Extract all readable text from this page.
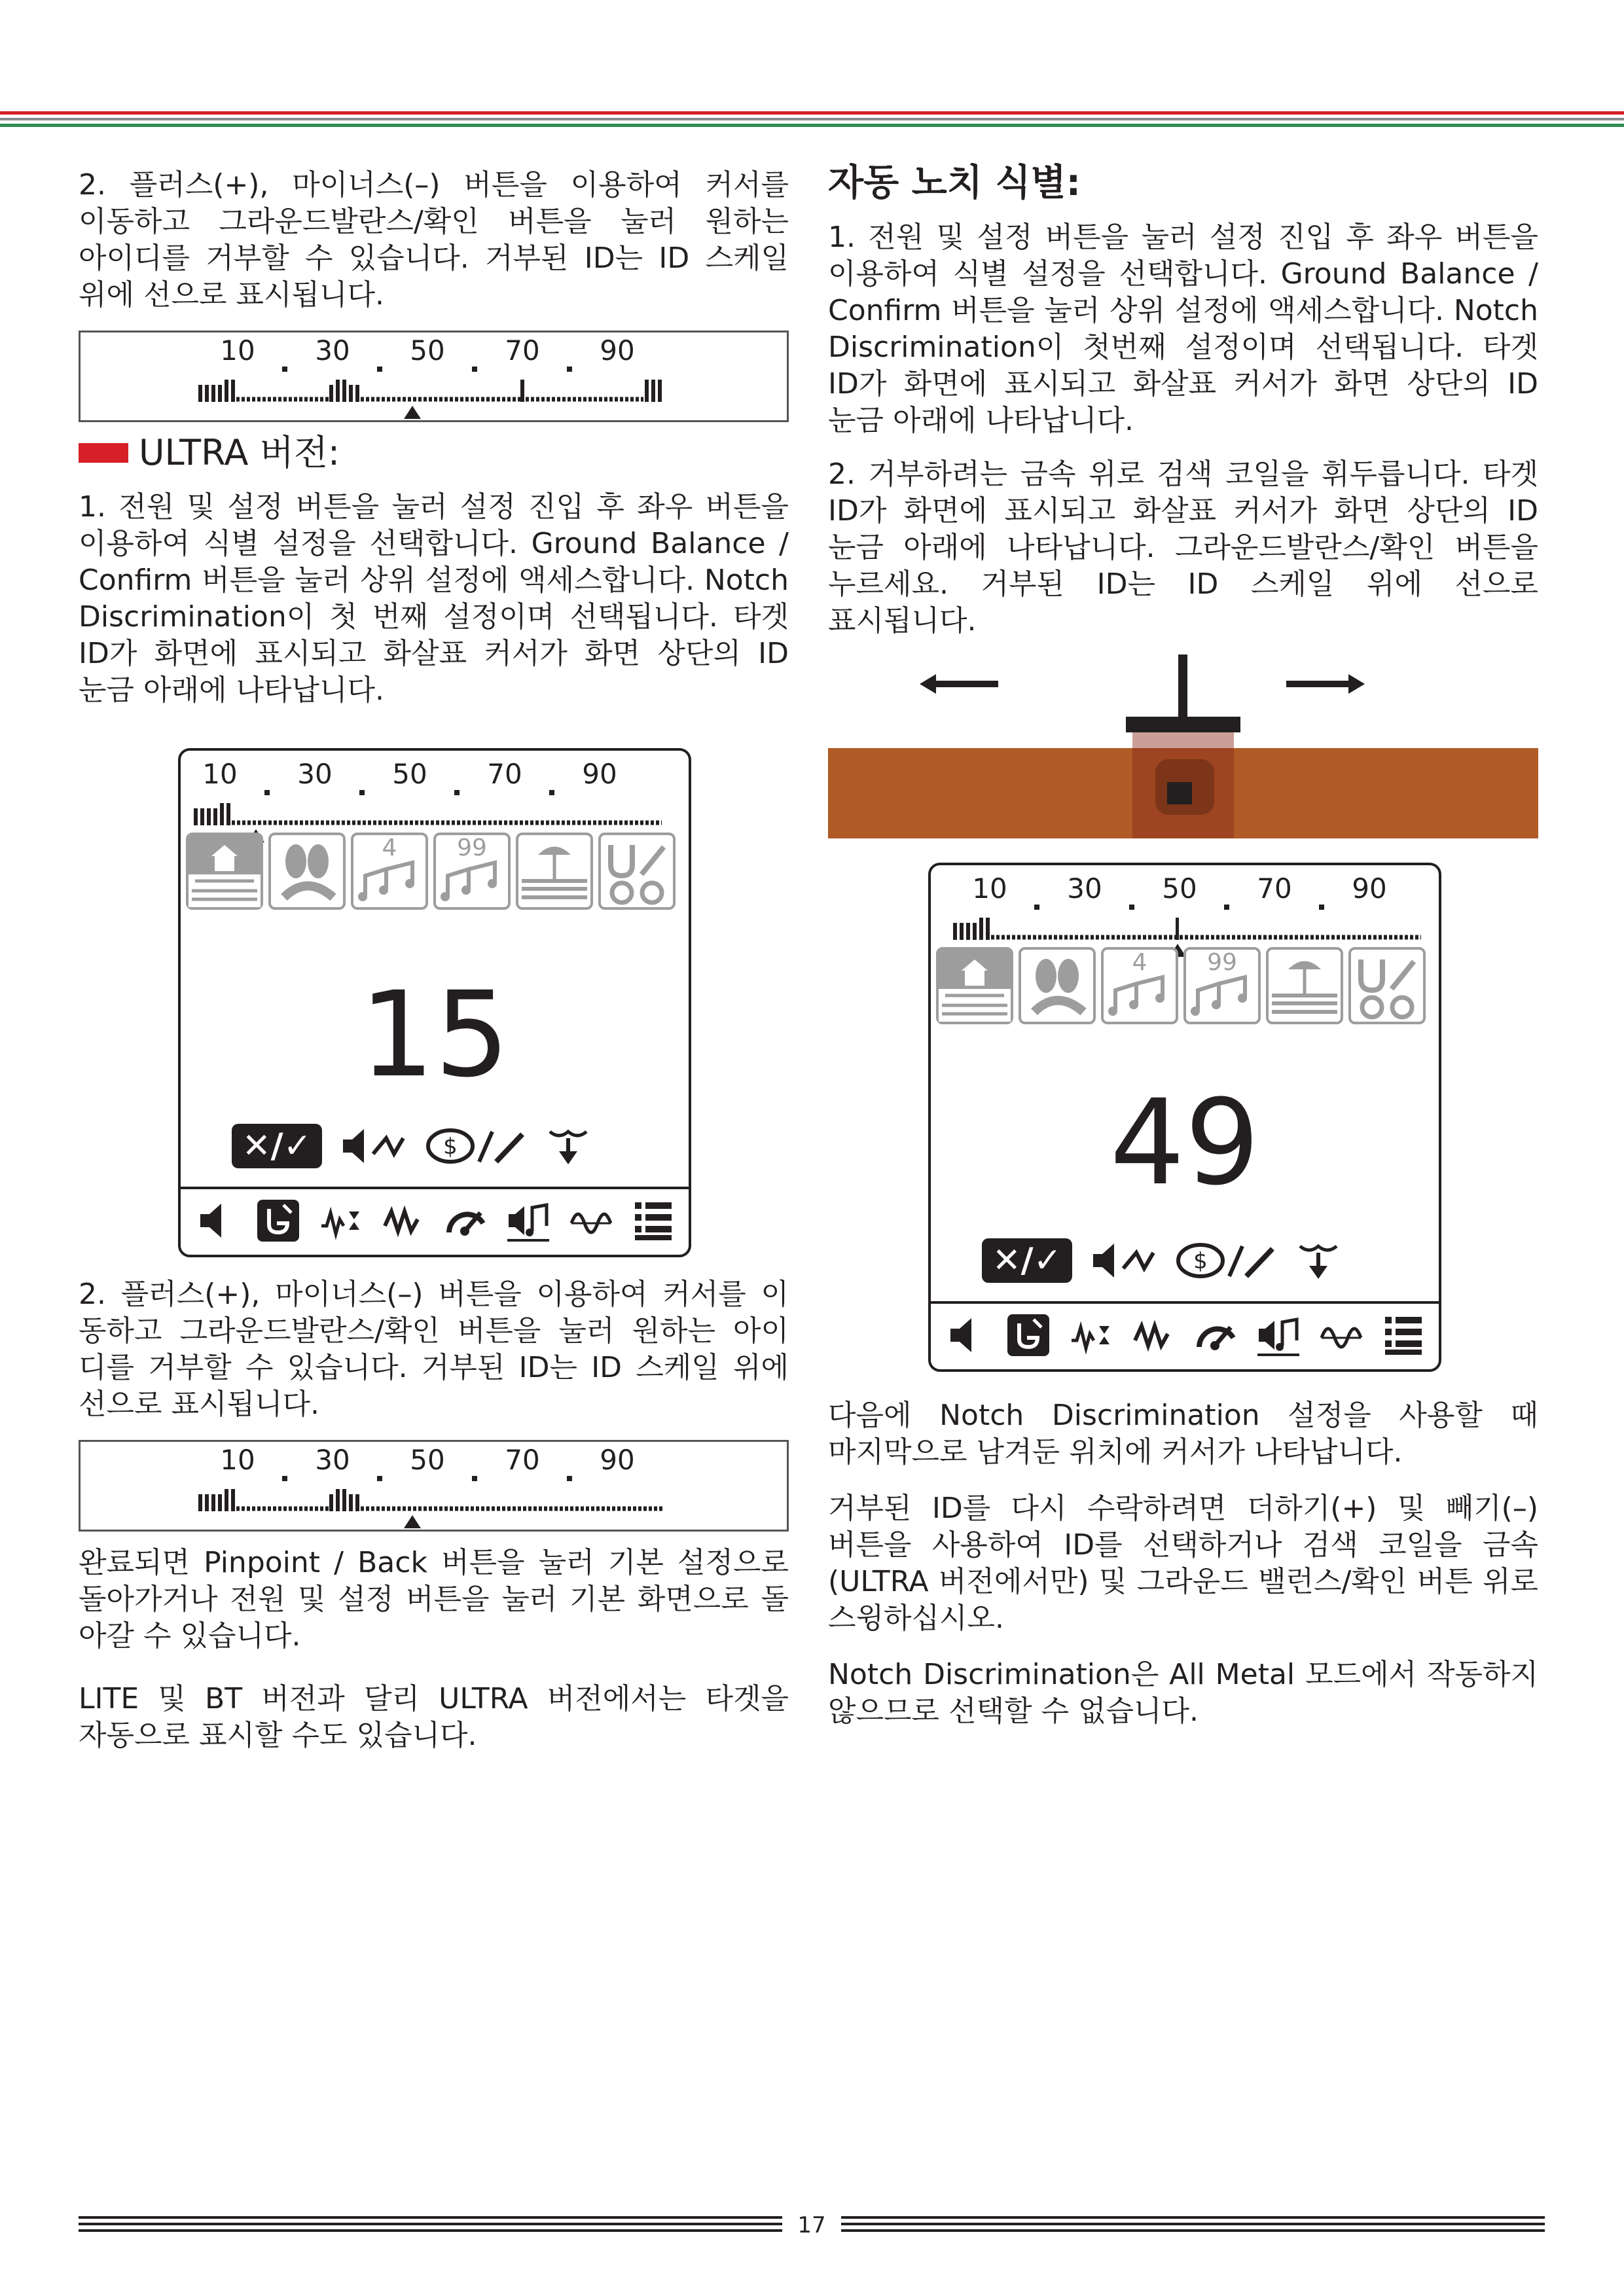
2. 플러스(+), 마이너스(–) 버튼을 이용하여 커서를 이동하고 그라운드발란스/확인 버튼을 눌러 원하는 아이디를 거부할 수 있습니다. 거부된 ID는 ID 스케일 위에 선으로 표시됩니다.

10 30 50 70 90
ULTRA 버전:

1. 전원 및 설정 버튼을 눌러 설정 진입 후 좌우 버튼을 이용하여 식별 설정을 선택합니다. Ground Balance / Confirm 버튼을 눌러 상위 설정에 액세스합니다. Notch Discrimination이 첫 번째 설정이며 선택됩니다. 타겟 ID가 화면에 표시되고 화살표 커서가 화면 상단의 ID 눈금 아래에 나타납니다.

10 30 50 70 90
4	99
15
✕/✓	$

2. 플러스(+), 마이너스(–) 버튼을 이용하여 커서를 이 동하고 그라운드발란스/확인 버튼을 눌러 원하는 아이 디를 거부할 수 있습니다. 거부된 ID는 ID 스케일 위에 선으로 표시됩니다.

10 30 50 70 90

완료되면 Pinpoint / Back 버튼을 눌러 기본 설정으로 돌아가거나 전원 및 설정 버튼을 눌러 기본 화면으로 돌 아갈 수 있습니다.

LITE 및 BT 버전과 달리 ULTRA 버전에서는 타겟을 자동으로 표시할 수도 있습니다.

자동 노치 식별:

1. 전원 및 설정 버튼을 눌러 설정 진입 후 좌우 버튼을 이용하여 식별 설정을 선택합니다. Ground Balance / Confirm 버튼을 눌러 상위 설정에 액세스합니다. Notch Discrimination이 첫번째 설정이며 선택됩니다. 타겟 ID가 화면에 표시되고 화살표 커서가 화면 상단의 ID 눈금 아래에 나타납니다.

2. 거부하려는 금속 위로 검색 코일을 휘두릅니다. 타겟 ID가 화면에 표시되고 화살표 커서가 화면 상단의 ID 눈금 아래에 나타납니다. 그라운드발란스/확인 버튼을 누르세요. 거부된 ID는 ID 스케일 위에 선으로 표시됩니다.

10 30 50 70 90
4	99
49
✕/✓	$

다음에 Notch Discrimination 설정을 사용할 때 마지막으로 남겨둔 위치에 커서가 나타납니다.

거부된 ID를 다시 수락하려면 더하기(+) 및 빼기(–) 버튼을 사용하여 ID를 선택하거나 검색 코일을 금속 (ULTRA 버전에서만) 및 그라운드 밸런스/확인 버튼 위로 스윙하십시오.

Notch Discrimination은 All Metal 모드에서 작동하지 않으므로 선택할 수 없습니다.

17
